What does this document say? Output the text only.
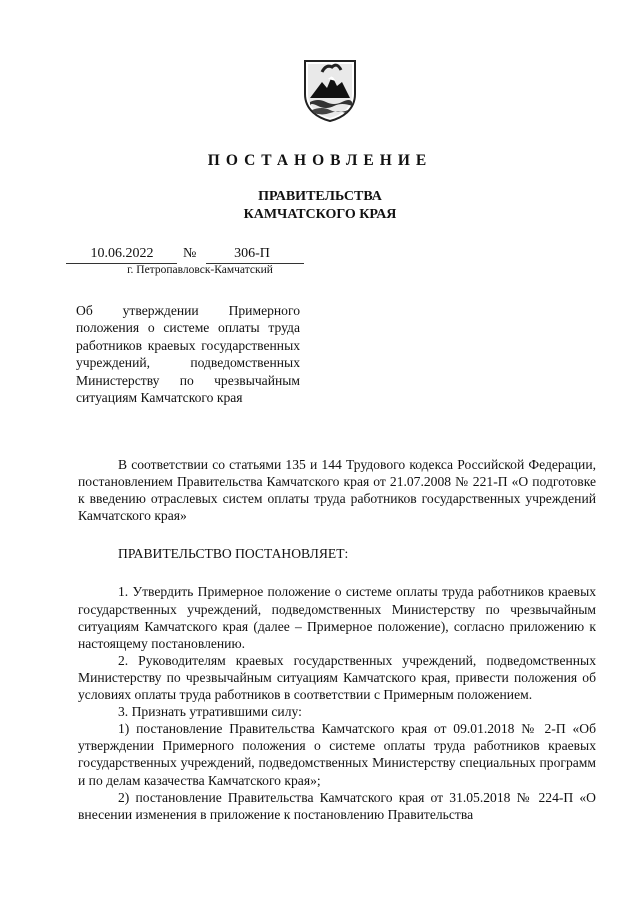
ПОСТАНОВЛЕНИЕ
ПРАВИТЕЛЬСТВА
КАМЧАТСКОГО КРАЯ
10.06.2022	№	306-П
г. Петропавловск-Камчатский
Об утверждении Примерного положения о системе оплаты труда работников краевых государственных учреждений, подведомственных Министерству по чрезвычайным ситуациям Камчатского края

В соответствии со статьями 135 и 144 Трудового кодекса Российской Федерации, постановлением Правительства Камчатского края от 21.07.2008 № 221-П «О подготовке к введению отраслевых систем оплаты труда работников государственных учреждений Камчатского края»

ПРАВИТЕЛЬСТВО ПОСТАНОВЛЯЕТ:

1. Утвердить Примерное положение о системе оплаты труда работников краевых государственных учреждений, подведомственных Министерству по чрезвычайным ситуациям Камчатского края (далее – Примерное положение), согласно приложению к настоящему постановлению.

2. Руководителям краевых государственных учреждений, подведомственных Министерству по чрезвычайным ситуациям Камчатского края, привести положения об условиях оплаты труда работников в соответствии с Примерным положением.

3. Признать утратившими силу:

1) постановление Правительства Камчатского края от 09.01.2018 № 2-П «Об утверждении Примерного положения о системе оплаты труда работников краевых государственных учреждений, подведомственных Министерству специальных программ и по делам казачества Камчатского края»;

2) постановление Правительства Камчатского края от 31.05.2018 № 224-П «О внесении изменения в приложение к постановлению Правительства
